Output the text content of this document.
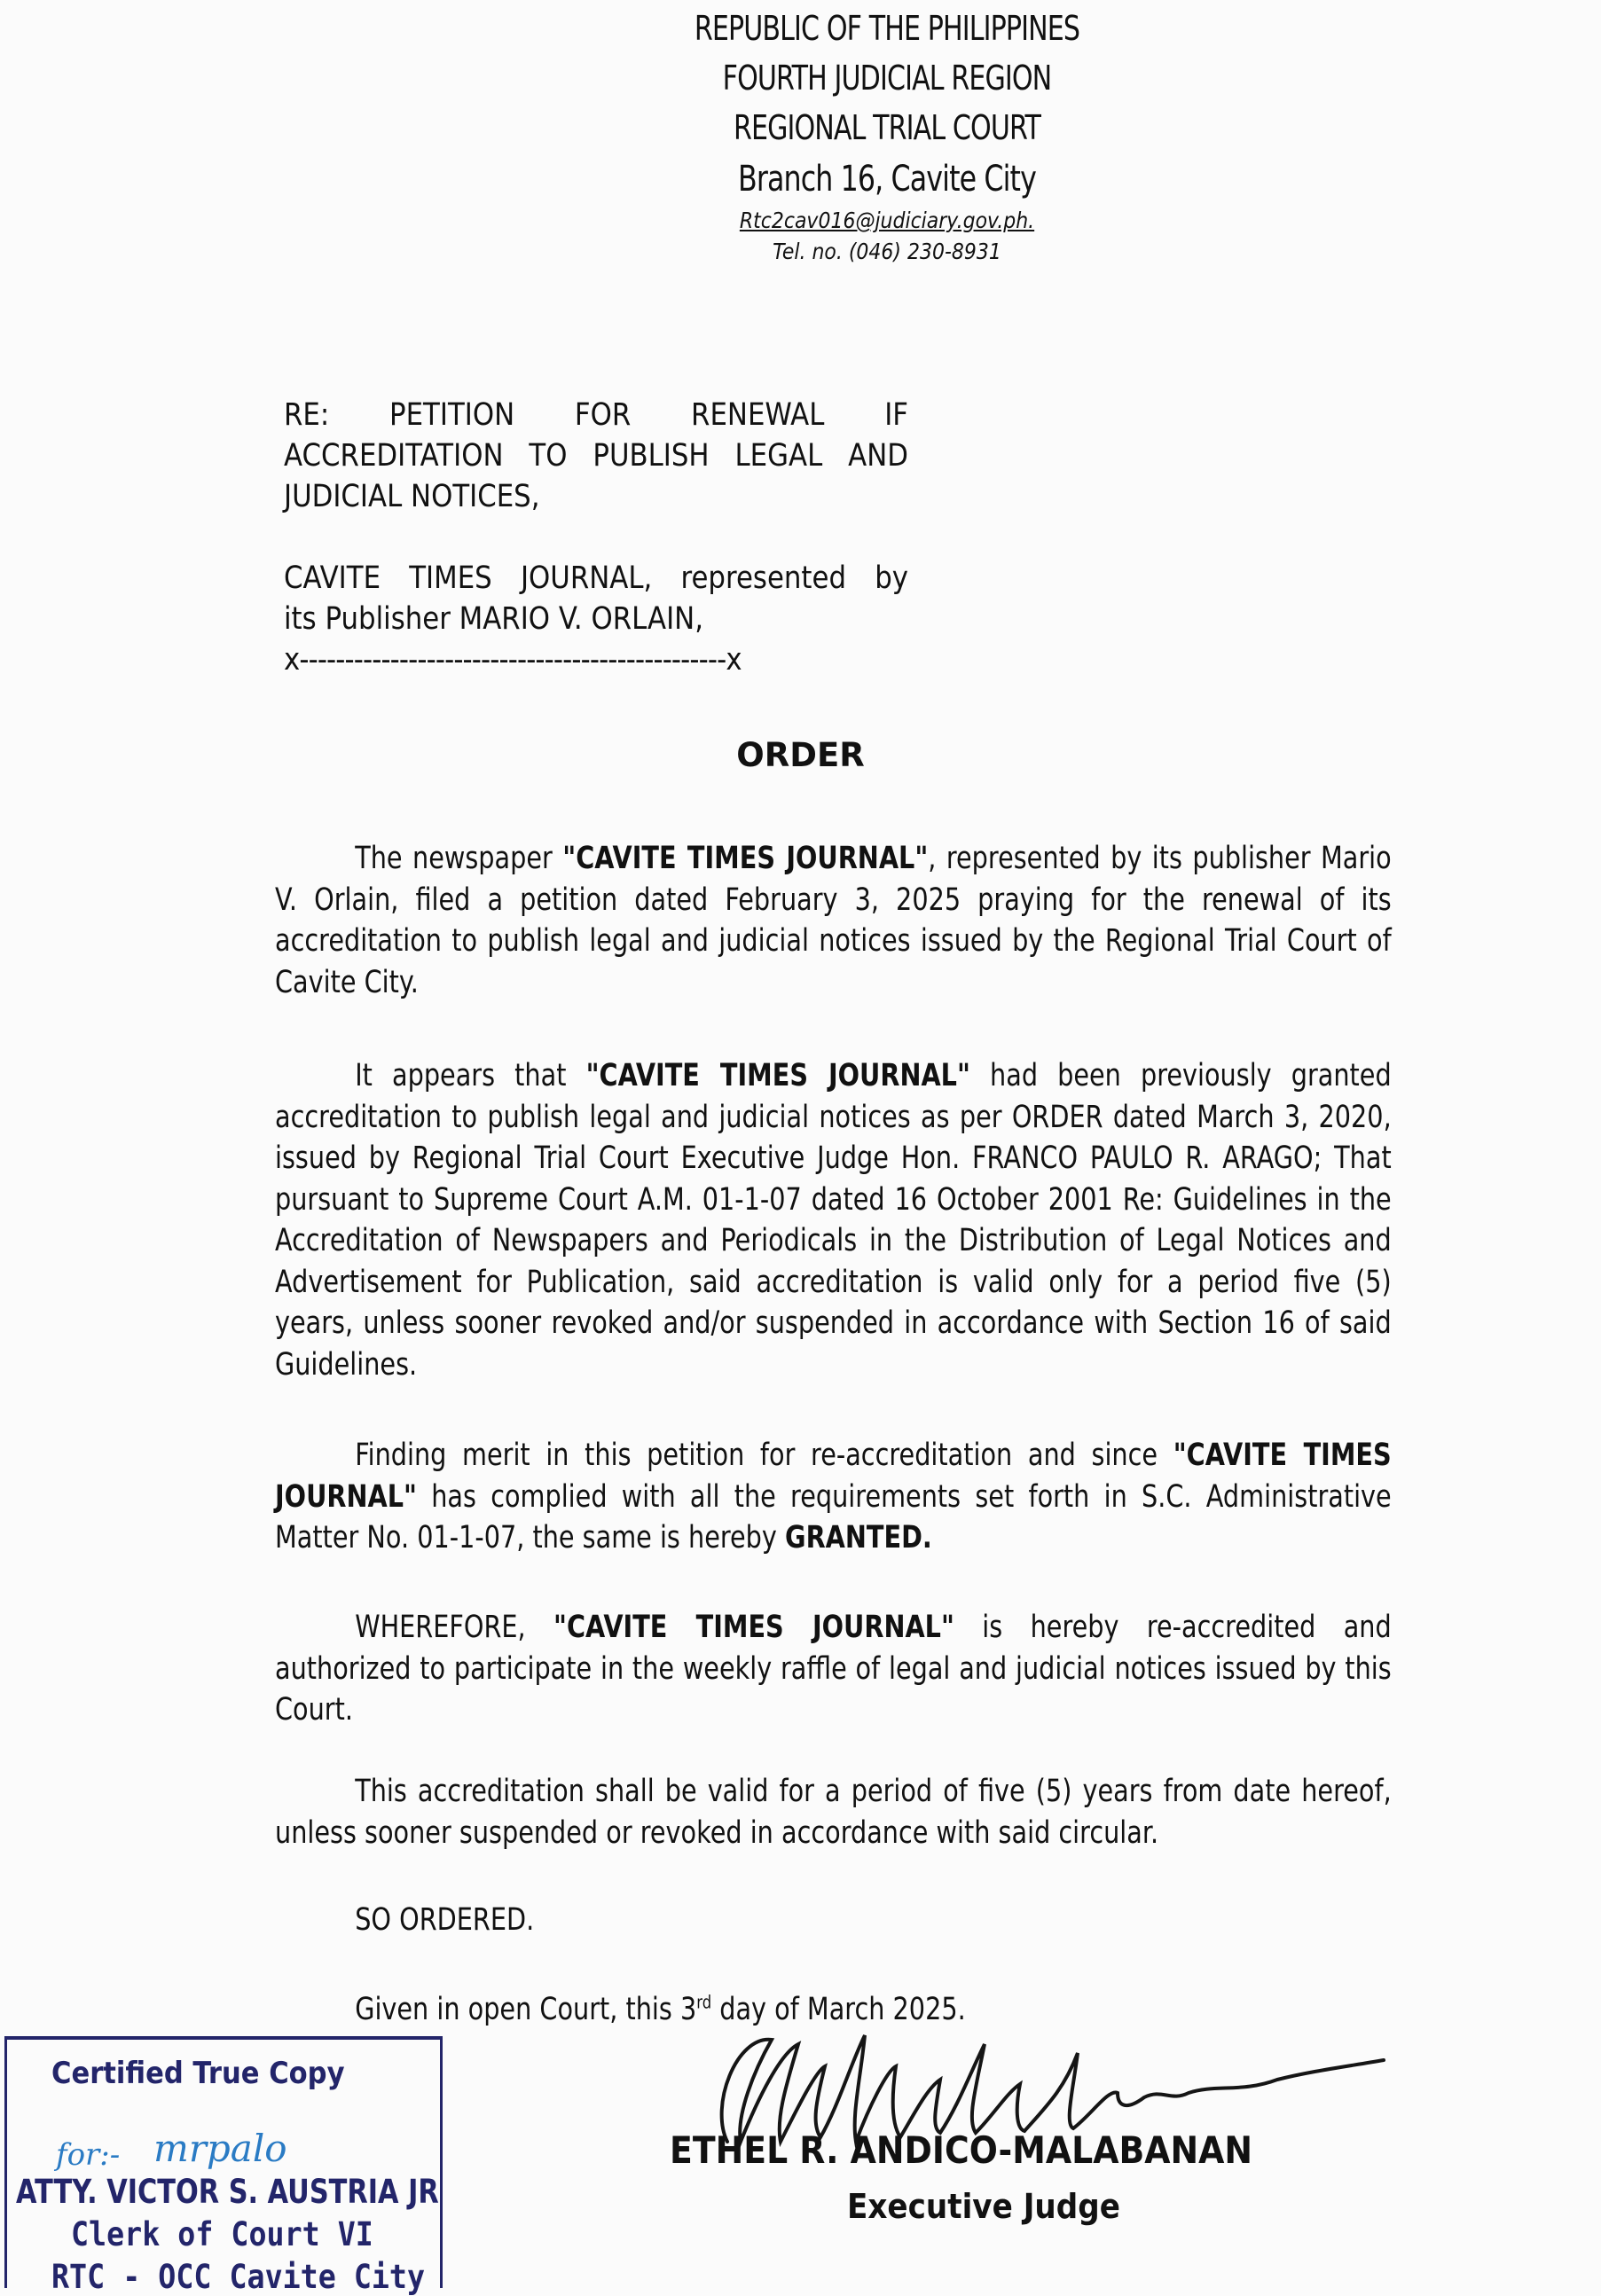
REPUBLIC OF THE PHILIPPINES
FOURTH JUDICIAL REGION
REGIONAL TRIAL COURT
Branch 16, Cavite City
Rtc2cav016@judiciary.gov.ph.
Tel. no. (046) 230-8931
RE: PETITION FOR RENEWAL IF
ACCREDITATION TO PUBLISH LEGAL AND
JUDICIAL NOTICES,
CAVITE TIMES JOURNAL, represented by
its Publisher MARIO V. ORLAIN,
x-----------------------------------------------x
ORDER

The newspaper "CAVITE TIMES JOURNAL", represented by its publisher Mario V. Orlain, filed a petition dated February 3, 2025 praying for the renewal of its accreditation to publish legal and judicial notices issued by the Regional Trial Court of Cavite City.

It appears that "CAVITE TIMES JOURNAL" had been previously granted accreditation to publish legal and judicial notices as per ORDER dated March 3, 2020, issued by Regional Trial Court Executive Judge Hon. FRANCO PAULO R. ARAGO; That pursuant to Supreme Court A.M. 01-1-07 dated 16 October 2001 Re: Guidelines in the Accreditation of Newspapers and Periodicals in the Distribution of Legal Notices and Advertisement for Publication, said accreditation is valid only for a period five (5) years, unless sooner revoked and/or suspended in accordance with Section 16 of said Guidelines.

Finding merit in this petition for re-accreditation and since "CAVITE TIMES JOURNAL" has complied with all the requirements set forth in S.C. Administrative Matter No. 01-1-07, the same is hereby GRANTED.

WHEREFORE, "CAVITE TIMES JOURNAL" is hereby re-accredited and authorized to participate in the weekly raffle of legal and judicial notices issued by this Court.

This accreditation shall be valid for a period of five (5) years from date hereof, unless sooner suspended or revoked in accordance with said circular.

SO ORDERED.

Given in open Court, this 3rd day of March 2025.

ETHEL R. ANDICO-MALABANAN
Executive Judge
Certified True Copy
for:- mrpalo
ATTY. VICTOR S. AUSTRIA JR
Clerk of Court VI
RTC - OCC Cavite City
